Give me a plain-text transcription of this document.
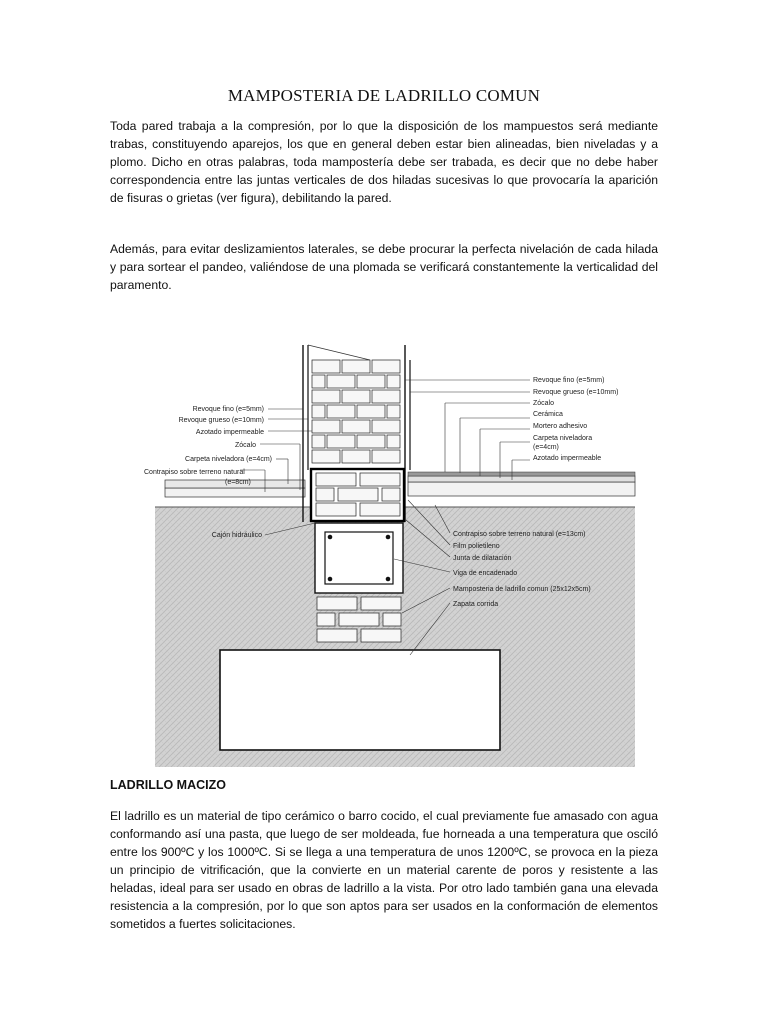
MAMPOSTERIA DE LADRILLO COMUN

Toda pared trabaja a la compresión, por lo que la disposición de los mampuestos será mediante trabas, constituyendo aparejos, los que en general deben estar bien alineadas, bien niveladas y a plomo. Dicho en otras palabras, toda mampostería debe ser trabada, es decir que no debe haber correspondencia entre las juntas verticales de dos hiladas sucesivas lo que provocaría la aparición de fisuras o grietas (ver figura), debilitando la pared.

Además, para evitar deslizamientos laterales, se debe procurar la perfecta nivelación de cada hilada y para sortear el pandeo, valiéndose de una plomada se verificará constantemente la verticalidad del paramento.

Revoque fino (e=5mm)
Revoque grueso (e=10mm)
Azotado impermeable
Zócalo
Carpeta niveladora (e=4cm)
Contrapiso sobre terreno natural
(e=8cm)
Cajón hidráulico
Revoque fino (e=5mm)
Revoque grueso (e=10mm)
Zócalo
Cerámica
Mortero adhesivo
Carpeta niveladora
(e=4cm)
Azotado impermeable
Contrapiso sobre terreno natural (e=13cm)
Film polietileno
Junta de dilatación
Viga de encadenado
Mamposteria de ladrillo comun (25x12x5cm)
Zapata corrida

LADRILLO MACIZO

El ladrillo es un material de tipo cerámico o barro cocido, el cual previamente fue amasado con agua conformando así una pasta, que luego de ser moldeada, fue horneada a una temperatura que osciló entre los 900ºC y los 1000ºC. Si se llega a una temperatura de unos 1200ºC, se provoca en la pieza un principio de vitrificación, que la convierte en un material carente de poros y resistente a las heladas, ideal para ser usado en obras de ladrillo a la vista. Por otro lado también gana una elevada resistencia a la compresión, por lo que son aptos para ser usados en la conformación de elementos sometidos a fuertes solicitaciones.
